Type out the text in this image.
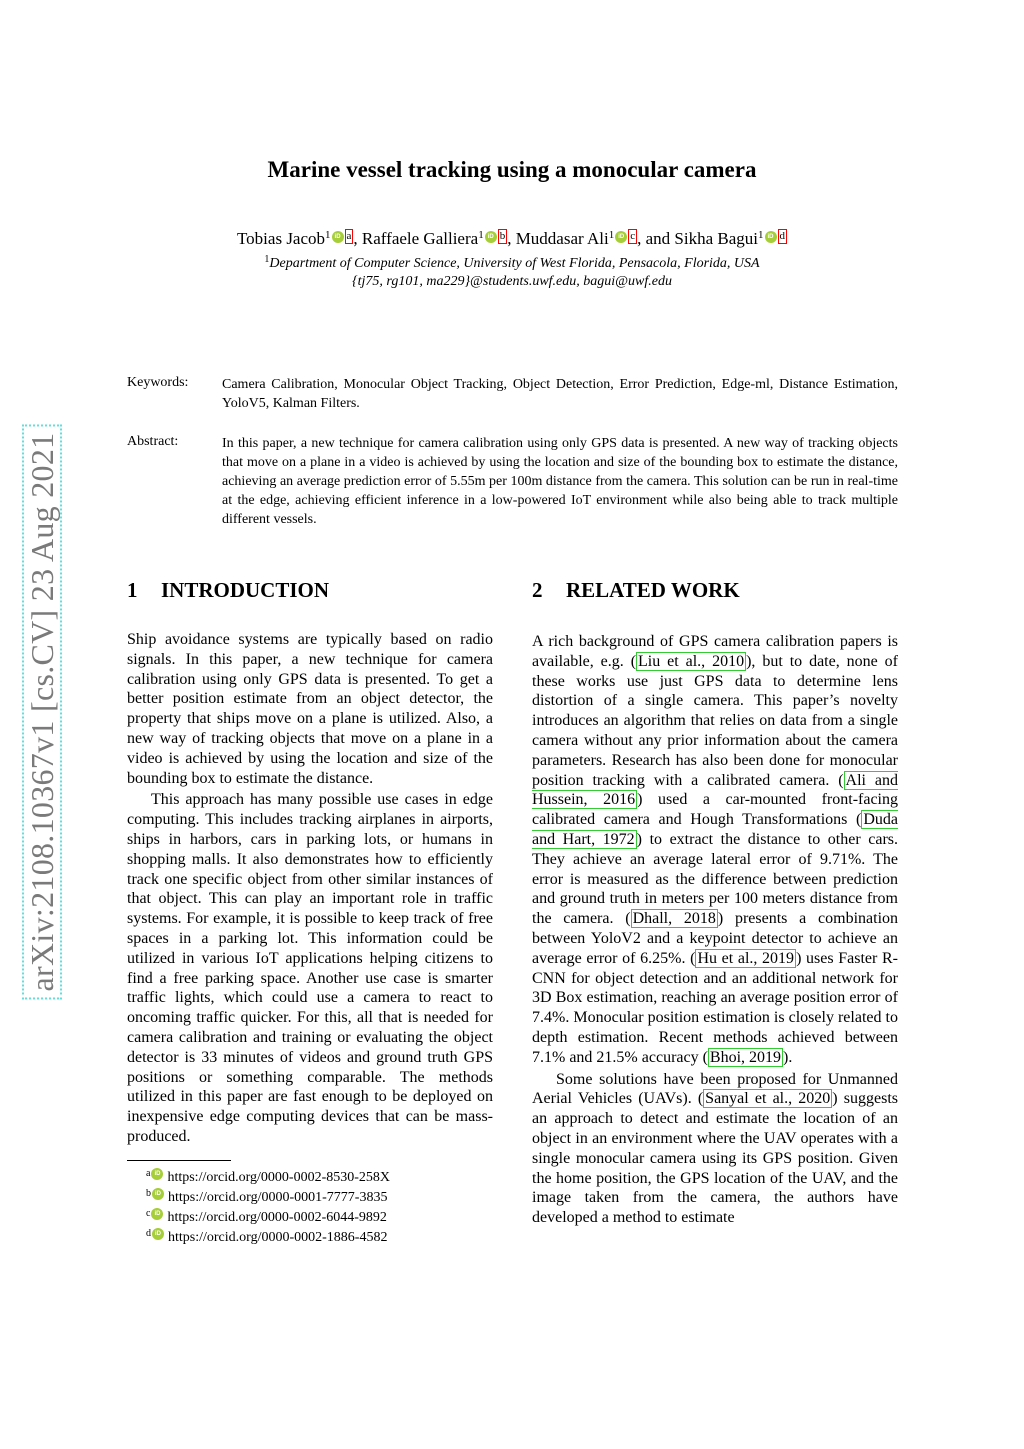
arXiv:2108.10367v1 [cs.CV] 23 Aug 2021
Marine vessel tracking using a monocular camera
Tobias Jacob$^1$ iD a , Raffaele Galliera$^1$ iD b , Muddasar Ali$^1$ iD c , and Sikha Bagui$^1$ iD d
$^1$Department of Computer Science, University of West Florida, Pensacola, Florida, USA
{tj75, rg101, ma229}@students.uwf.edu, bagui@uwf.edu
Keywords: Camera Calibration, Monocular Object Tracking, Object Detection, Error Prediction, Edge-ml, Distance Estimation, YoloV5, Kalman Filters.
Abstract:	In this paper, a new technique for camera calibration using only GPS data is presented. A new way of tracking objects that move on a plane in a video is achieved by using the location and size of the bounding box to estimate the distance, achieving an average prediction error of 5.55m per 100m distance from the camera. This solution can be run in real-time at the edge, achieving efficient inference in a low-powered IoT environment while also being able to track multiple different vessels.
1 INTRODUCTION	2 RELATED WORK

Ship avoidance systems are typically based on radio signals. In this paper, a new technique for camera calibration using only GPS data is presented. To get a better position estimate from an object detector, the property that ships move on a plane is utilized. Also, a new way of tracking objects that move on a plane in a video is achieved by using the location and size of the bounding box to estimate the distance.

This approach has many possible use cases in edge computing. This includes tracking airplanes in airports, ships in harbors, cars in parking lots, or humans in shopping malls. It also demonstrates how to efficiently track one specific object from other similar instances of that object. This can play an important role in traffic systems. For example, it is possible to keep track of free spaces in a parking lot. This information could be utilized in various IoT applications helping citizens to find a free parking space. Another use case is smarter traffic lights, which could use a camera to react to oncoming traffic quicker. For this, all that is needed for camera calibration and training or evaluating the object detector is 33 minutes of videos and ground truth GPS positions or something comparable. The methods utilized in this paper are fast enough to be deployed on inexpensive edge computing devices that can be mass-produced.

A rich background of GPS camera calibration papers is available, e.g. ( Liu et al., 2010 ), but to date, none of these works use just GPS data to determine lens distortion of a single camera. This paper’s novelty introduces an algorithm that relies on data from a single camera without any prior information about the camera parameters. Research has also been done for monocular position tracking with a calibrated camera. ( Ali and Hussein, 2016 ) used a car-mounted front-facing calibrated camera and Hough Transformations ( Duda and Hart, 1972 ) to extract the distance to other cars. They achieve an average lateral error of 9.71%. The error is measured as the difference between prediction and ground truth in meters per 100 meters distance from the camera. ( Dhall, 2018 ) presents a combination between YoloV2 and a keypoint detector to achieve an average error of 6.25%. ( Hu et al., 2019 ) uses Faster R-CNN for object detection and an additional network for 3D Box estimation, reaching an average position error of 7.4%. Monocular position estimation is closely related to depth estimation. Recent methods achieved between 7.1% and 21.5% accuracy ( Bhoi, 2019 ).

Some solutions have been proposed for Unmanned Aerial Vehicles (UAVs). ( Sanyal et al., 2020 ) suggests an approach to detect and estimate the location of an object in an environment where the UAV operates with a single monocular camera using its GPS position. Given the home position, the GPS location of the UAV, and the image taken from the camera, the authors have developed a method to estimate

$^a$ iD https://orcid.org/0000-0002-8530-258X
$^b$ iD https://orcid.org/0000-0001-7777-3835
$^c$ iD https://orcid.org/0000-0002-6044-9892
$^d$ iD https://orcid.org/0000-0002-1886-4582
